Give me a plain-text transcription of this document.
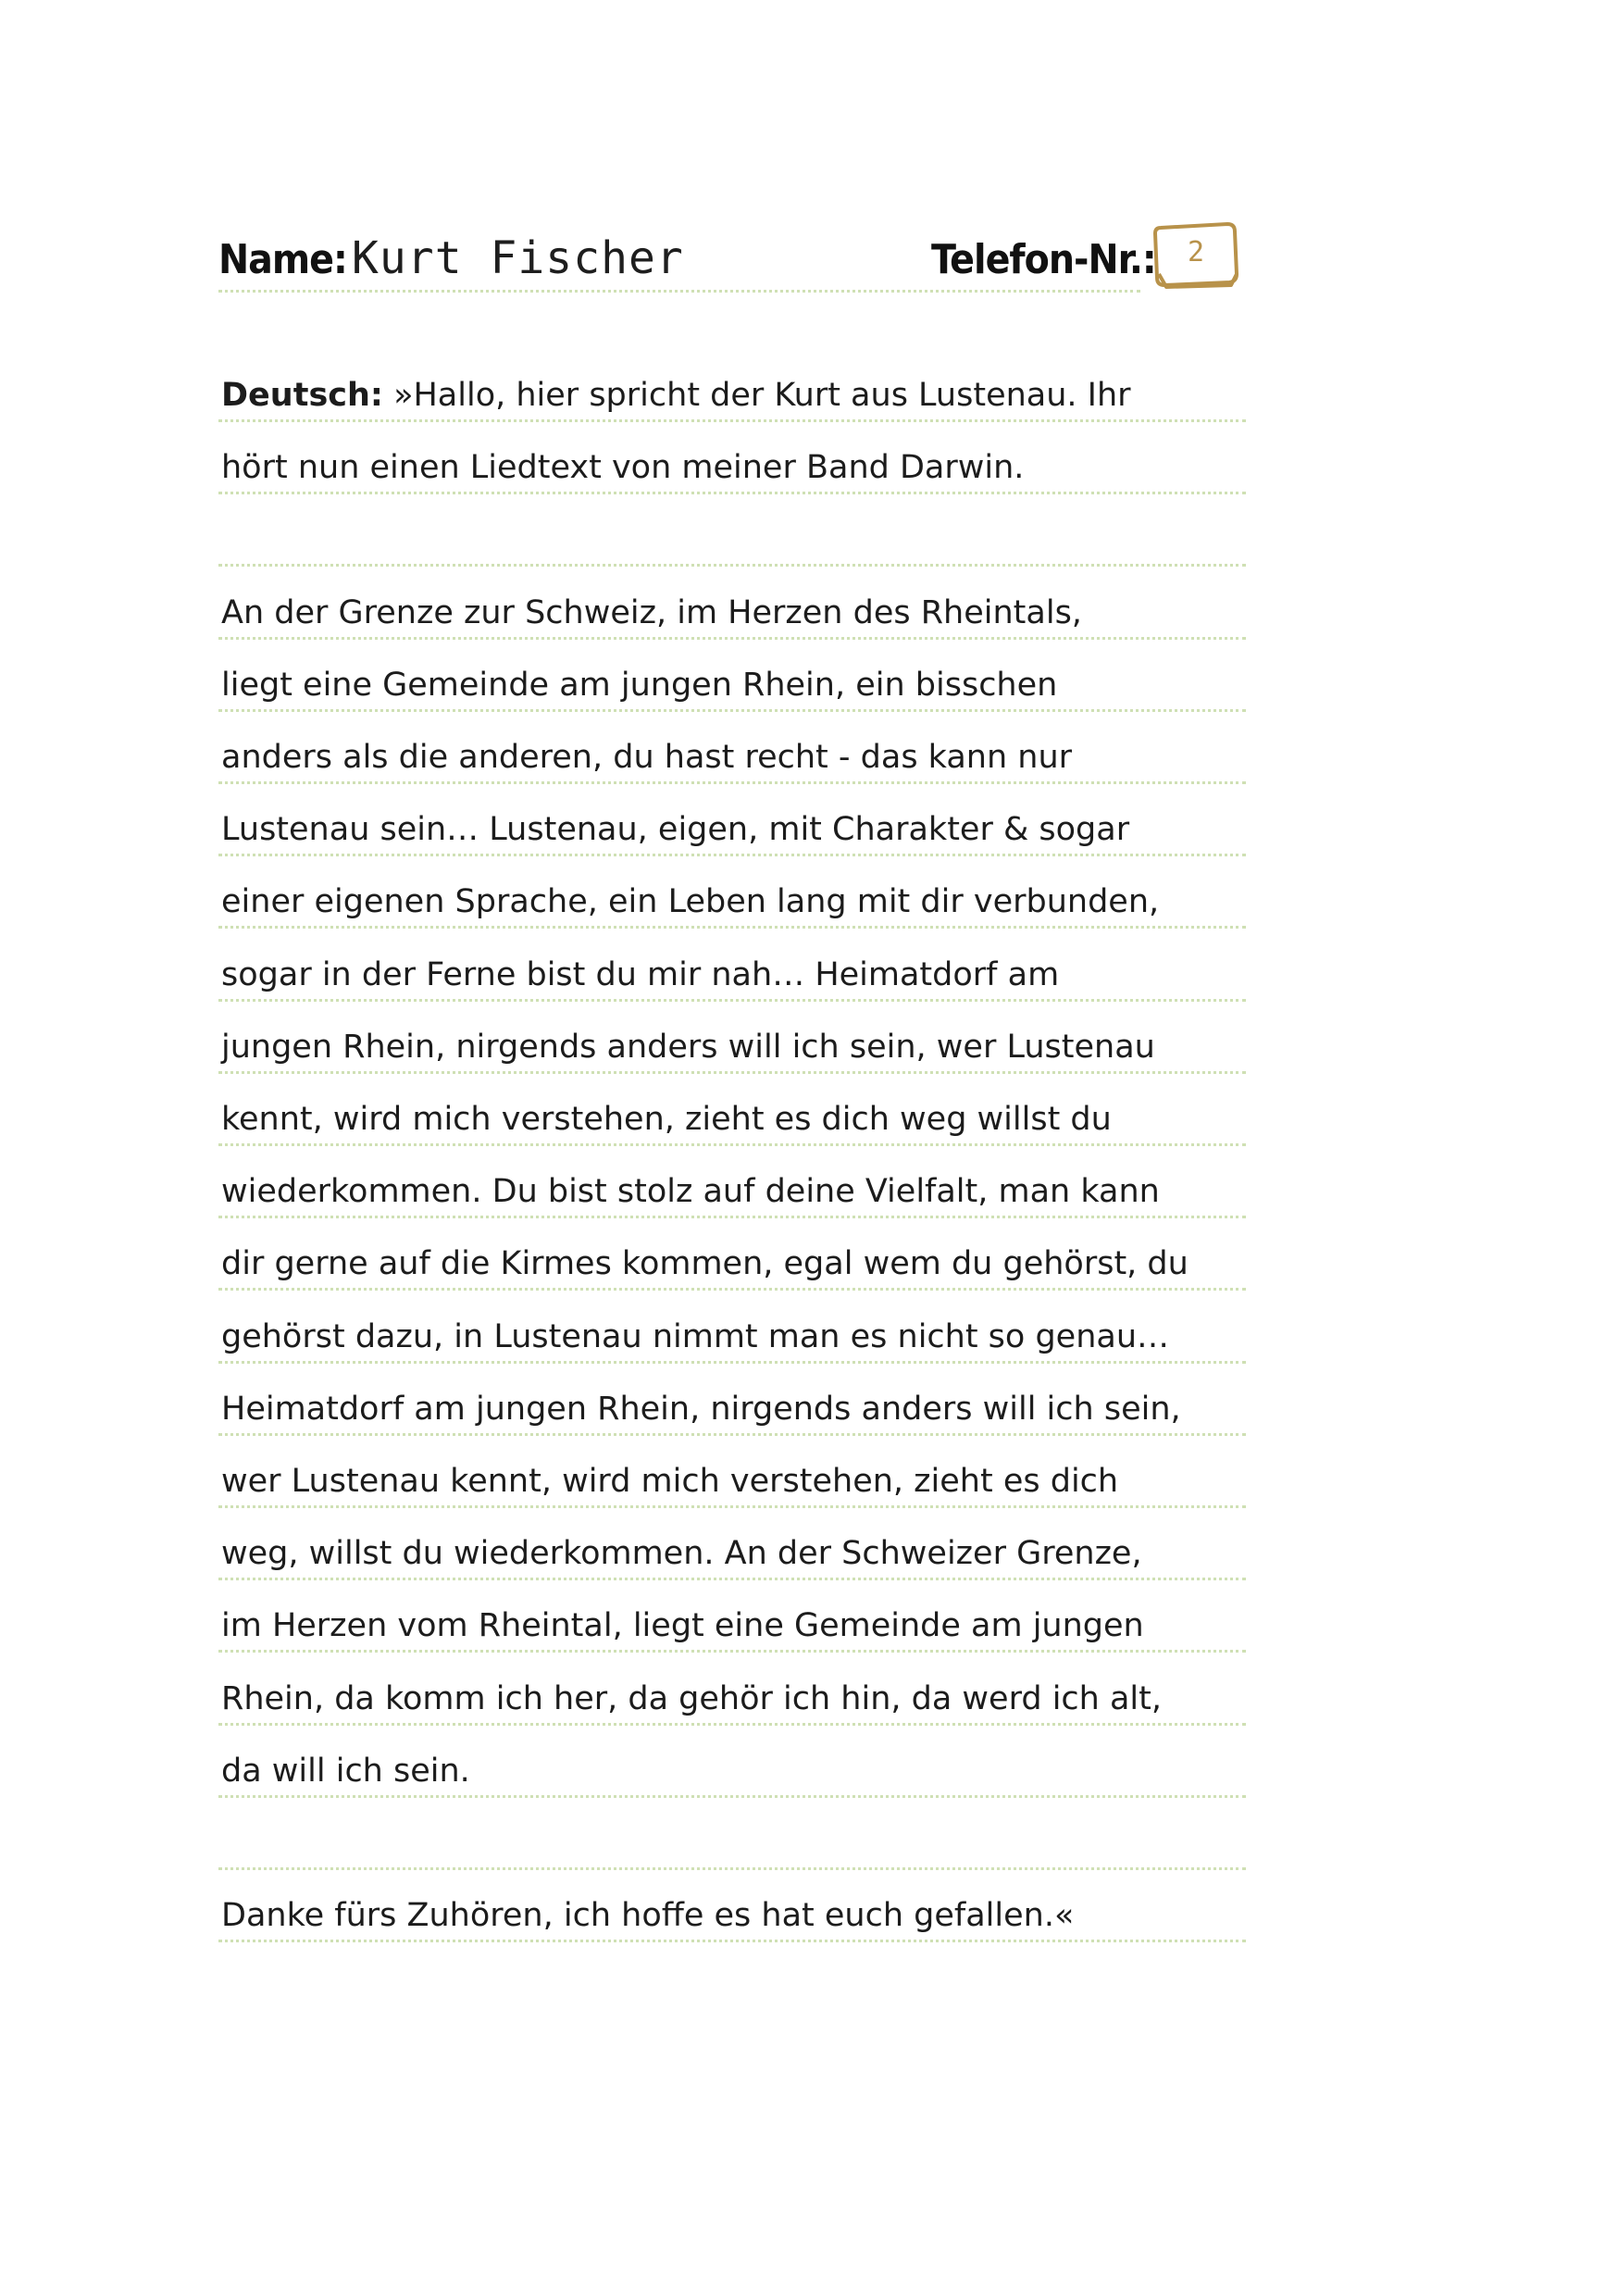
Name: Kurt Fischer	Telefon-Nr.: 2
Deutsch: »Hallo, hier spricht der Kurt aus Lustenau. Ihr
hört nun einen Liedtext von meiner Band Darwin.
An der Grenze zur Schweiz, im Herzen des Rheintals,
liegt eine Gemeinde am jungen Rhein, ein bisschen
anders als die anderen, du hast recht - das kann nur
Lustenau sein… Lustenau, eigen, mit Charakter & sogar
einer eigenen Sprache, ein Leben lang mit dir verbunden,
sogar in der Ferne bist du mir nah… Heimatdorf am
jungen Rhein, nirgends anders will ich sein, wer Lustenau
kennt, wird mich verstehen, zieht es dich weg willst du
wiederkommen. Du bist stolz auf deine Vielfalt, man kann
dir gerne auf die Kirmes kommen, egal wem du gehörst, du
gehörst dazu, in Lustenau nimmt man es nicht so genau…
Heimatdorf am jungen Rhein, nirgends anders will ich sein,
wer Lustenau kennt, wird mich verstehen, zieht es dich
weg, willst du wiederkommen. An der Schweizer Grenze,
im Herzen vom Rheintal, liegt eine Gemeinde am jungen
Rhein, da komm ich her, da gehör ich hin, da werd ich alt,
da will ich sein.
Danke fürs Zuhören, ich hoffe es hat euch gefallen.«
